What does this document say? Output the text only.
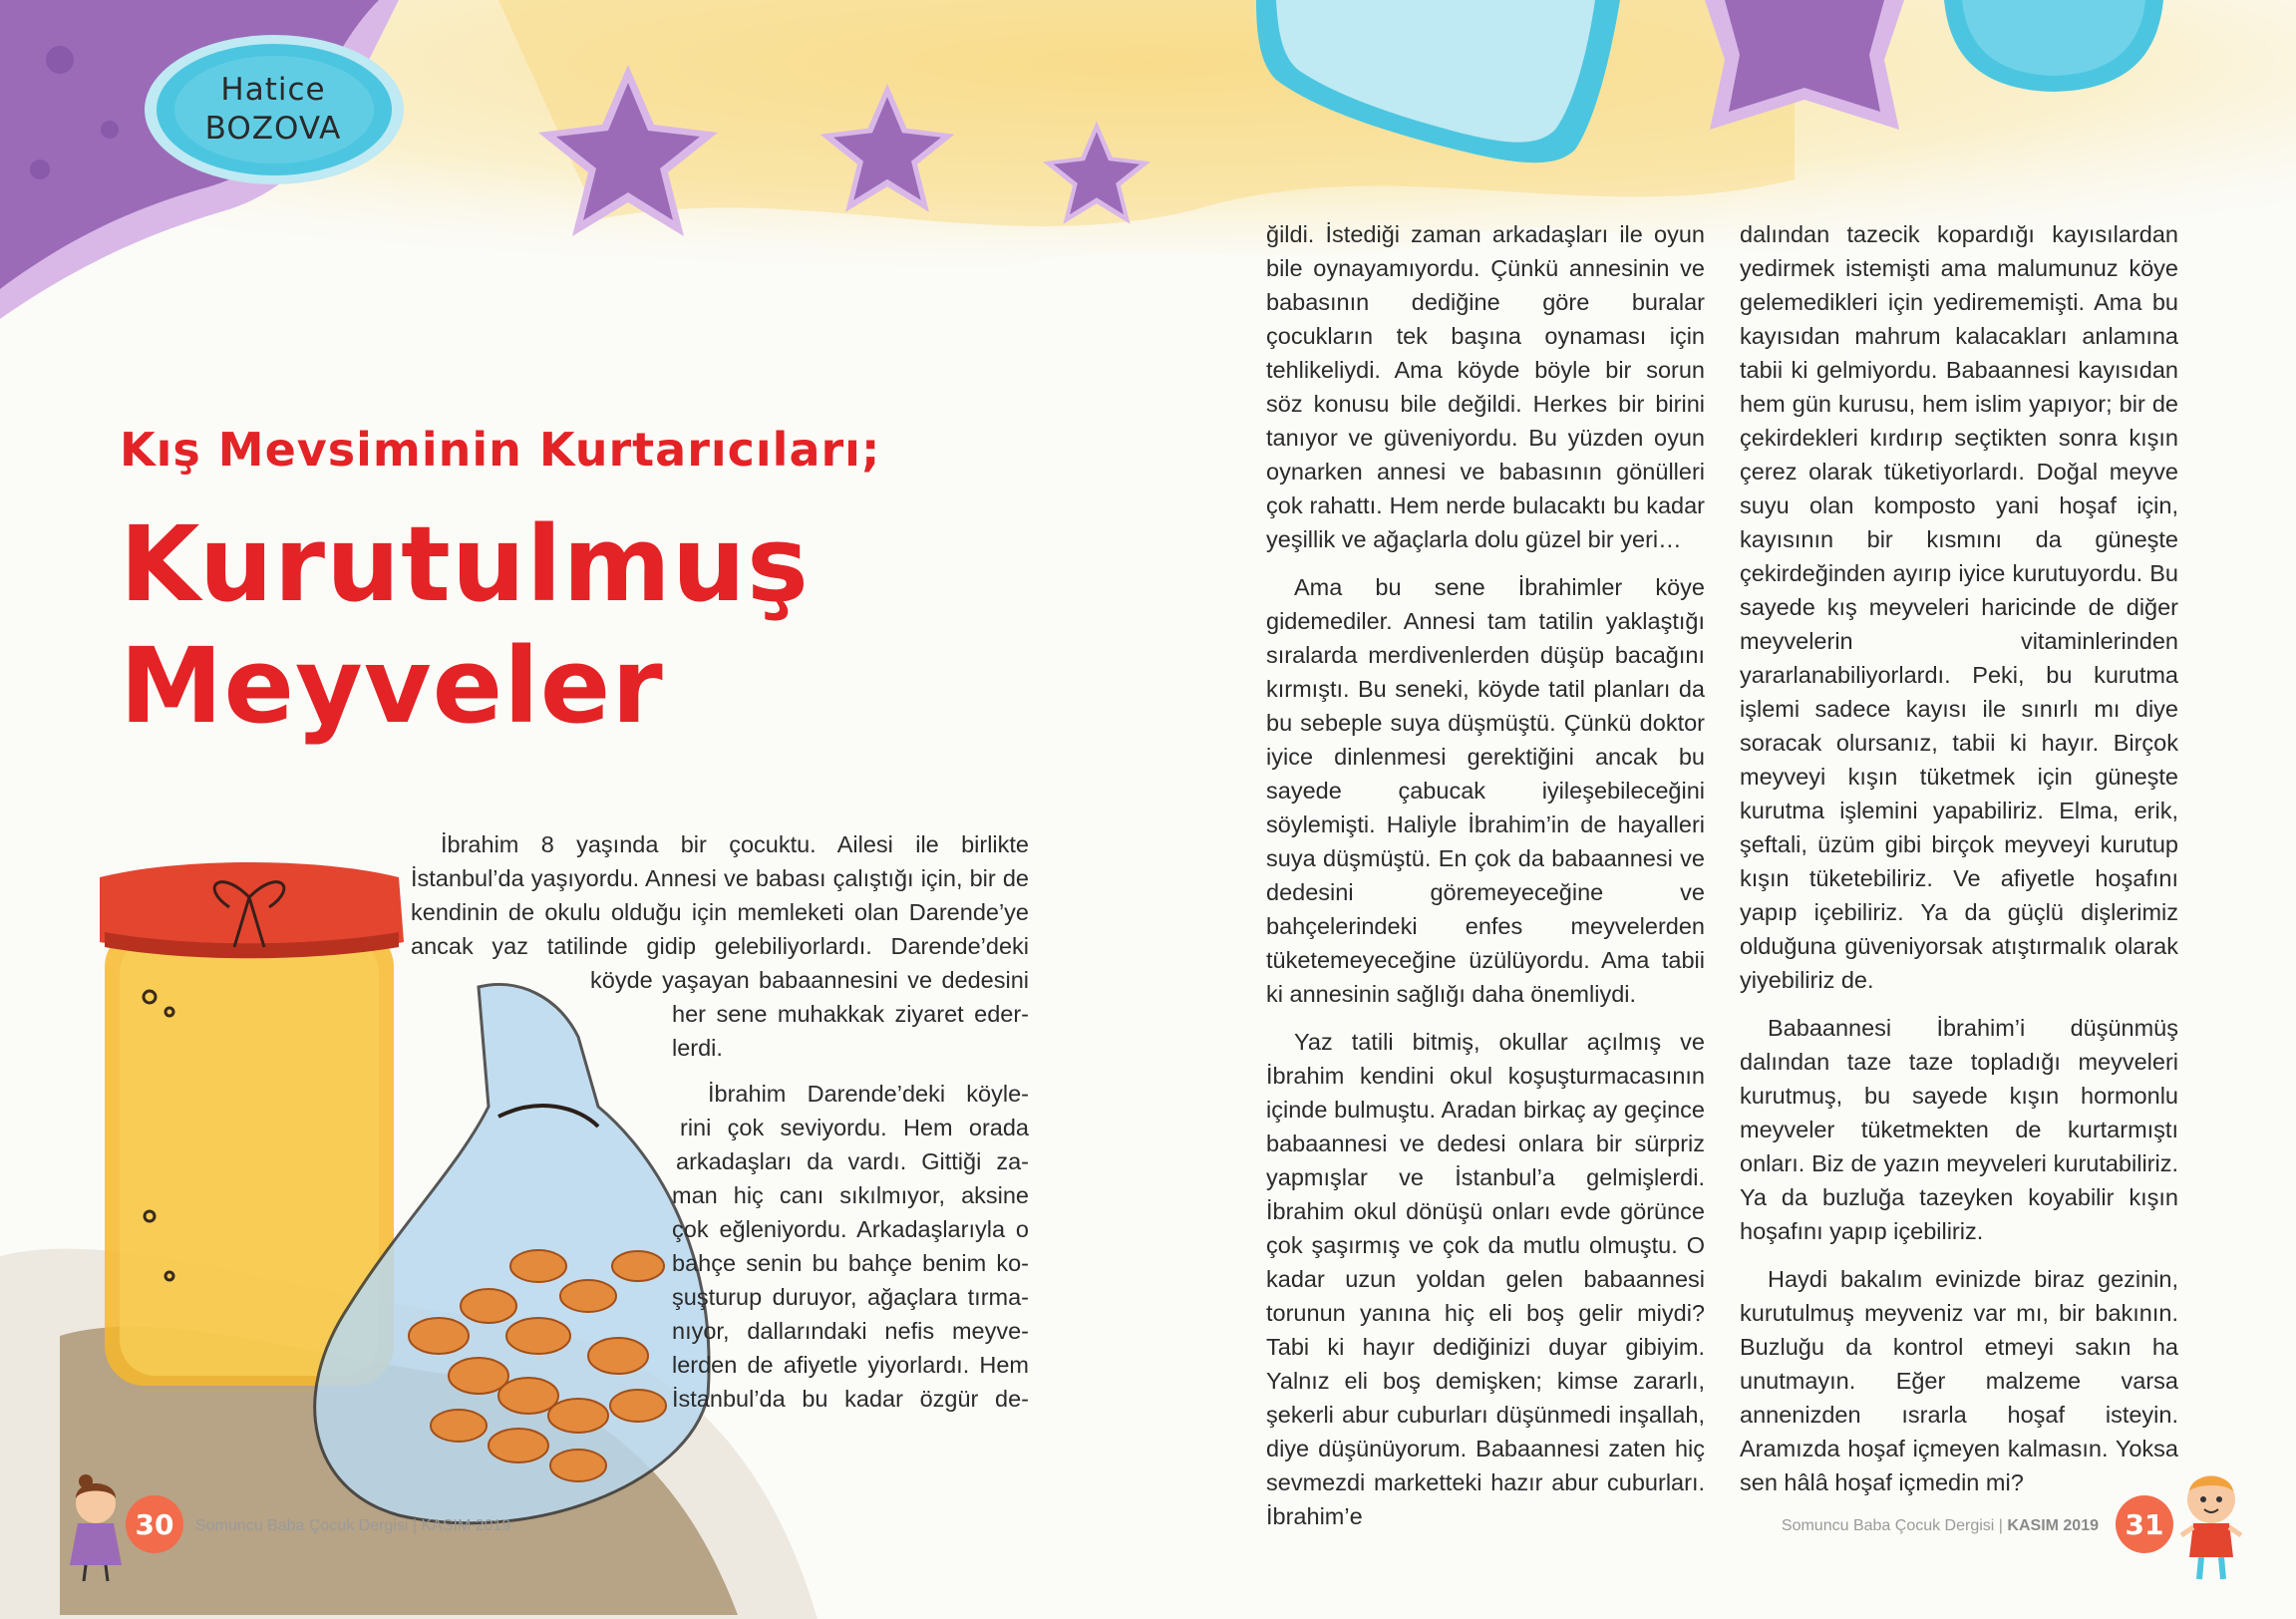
Hatice
BOZOVA
Kış Mevsiminin Kurtarıcıları;
Kurutulmuş
Meyveler
İbrahim 8 yaşında bir çocuktu. Ailesi ile birlikte
İstanbul’da yaşıyordu. Annesi ve babası çalıştığı için, bir de
kendinin de okulu olduğu için memleketi olan Darende’ye
ancak yaz tatilinde gidip gelebiliyorlardı. Darende’deki
köyde yaşayan babaannesini ve dedesini
her sene muhakkak ziyaret eder-
lerdi.
İbrahim Darende’deki köyle-
rini çok seviyordu. Hem orada
arkadaşları da vardı. Gittiği za-
man hiç canı sıkılmıyor, aksine
çok eğleniyordu. Arkadaşlarıyla o
bahçe senin bu bahçe benim ko-
şuşturup duruyor, ağaçlara tırma-
nıyor, dallarındaki nefis meyve-
lerden de afiyetle yiyorlardı. Hem
İstanbul’da bu kadar özgür de-

ğildi. İstediği zaman arkadaşları ile oyun bile oynayamıyordu. Çünkü annesinin ve babasının dediğine göre buralar çocukların tek başına oynaması için tehlikeliydi. Ama köyde böyle bir sorun söz konusu bile değildi. Herkes bir birini tanıyor ve güveniyordu. Bu yüzden oyun oynarken annesi ve babasının gönülleri çok rahattı. Hem nerde bulacaktı bu kadar yeşillik ve ağaçlarla dolu güzel bir yeri…

Ama bu sene İbrahimler köye gidemediler. Annesi tam tatilin yaklaştığı sıralarda merdivenlerden düşüp bacağını kırmıştı. Bu seneki, köyde tatil planları da bu sebeple suya düşmüştü. Çünkü doktor iyice dinlenmesi gerektiğini ancak bu sayede çabucak iyileşebileceğini söylemişti. Haliyle İbrahim’in de hayalleri suya düşmüştü. En çok da babaannesi ve dedesini göremeyeceğine ve bahçelerindeki enfes meyvelerden tüketemeyeceğine üzülüyordu. Ama tabii ki annesinin sağlığı daha önemliydi.

Yaz tatili bitmiş, okullar açılmış ve İbrahim kendini okul koşuşturmacasının içinde bulmuştu. Aradan birkaç ay geçince babaannesi ve dedesi onlara bir sürpriz yapmışlar ve İstanbul’a gelmişlerdi. İbrahim okul dönüşü onları evde görünce çok şaşırmış ve çok da mutlu olmuştu. O kadar uzun yoldan gelen babaannesi torunun yanına hiç eli boş gelir miydi? Tabi ki hayır dediğinizi duyar gibiyim. Yalnız eli boş demişken; kimse zararlı, şekerli abur cuburları düşünmedi inşallah, diye düşünüyorum. Babaannesi zaten hiç sevmezdi marketteki hazır abur cuburları. İbrahim’e

dalından tazecik kopardığı kayısılardan yedirmek istemişti ama malumunuz köye gelemedikleri için yedirememişti. Ama bu kayısıdan mahrum kalacakları anlamına tabii ki gelmiyordu. Babaannesi kayısıdan hem gün kurusu, hem islim yapıyor; bir de çekirdekleri kırdırıp seçtikten sonra kışın çerez olarak tüketiyorlardı. Doğal meyve suyu olan komposto yani hoşaf için, kayısının bir kısmını da güneşte çekirdeğinden ayırıp iyice kurutuyordu. Bu sayede kış meyveleri haricinde de diğer meyvelerin vitaminlerinden yararlanabiliyorlardı. Peki, bu kurutma işlemi sadece kayısı ile sınırlı mı diye soracak olursanız, tabii ki hayır. Birçok meyveyi kışın tüketmek için güneşte kurutma işlemini yapabiliriz. Elma, erik, şeftali, üzüm gibi birçok meyveyi kurutup kışın tüketebiliriz. Ve afiyetle hoşafını yapıp içebiliriz. Ya da güçlü dişlerimiz olduğuna güveniyorsak atıştırmalık olarak yiyebiliriz de.

Babaannesi İbrahim’i düşünmüş dalından taze taze topladığı meyveleri kurutmuş, bu sayede kışın hormonlu meyveler tüketmekten de kurtarmıştı onları. Biz de yazın meyveleri kurutabiliriz. Ya da buzluğa tazeyken koyabilir kışın hoşafını yapıp içebiliriz.

Haydi bakalım evinizde biraz gezinin, kurutulmuş meyveniz var mı, bir bakının. Buzluğu da kontrol etmeyi sakın ha unutmayın. Eğer malzeme varsa annenizden ısrarla hoşaf isteyin. Aramızda hoşaf içmeyen kalmasın. Yoksa sen hâlâ hoşaf içmedin mi?

30	Somuncu Baba Çocuk Dergisi | KASIM 2019	Somuncu Baba Çocuk Dergisi | KASIM 2019 31
